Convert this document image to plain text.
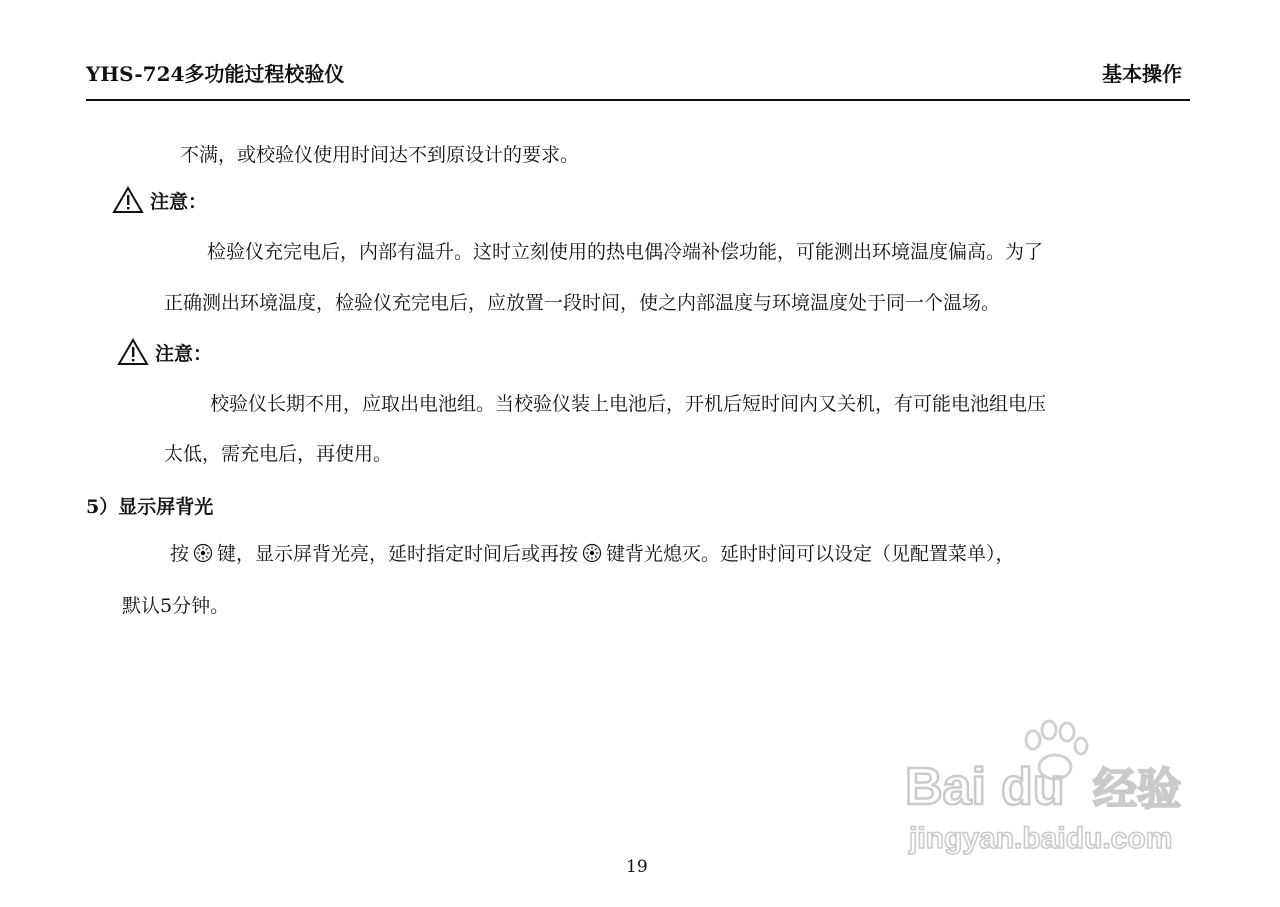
YHS-724多功能过程校验仪	基本操作
不满，或校验仪使用时间达不到原设计的要求。
注意：
检验仪充完电后，内部有温升。这时立刻使用的热电偶冷端补偿功能，可能测出环境温度偏高。为了
正确测出环境温度，检验仪充完电后，应放置一段时间，使之内部温度与环境温度处于同一个温场。
注意：
校验仪长期不用，应取出电池组。当校验仪装上电池后，开机后短时间内又关机，有可能电池组电压
太低，需充电后，再使用。
5）显示屏背光
按 键，显示屏背光亮，延时指定时间后或再按 键背光熄灭。延时时间可以设定（见配置菜单），
默认5分钟。
Bai du 经验
jingyan.baidu.com
19
